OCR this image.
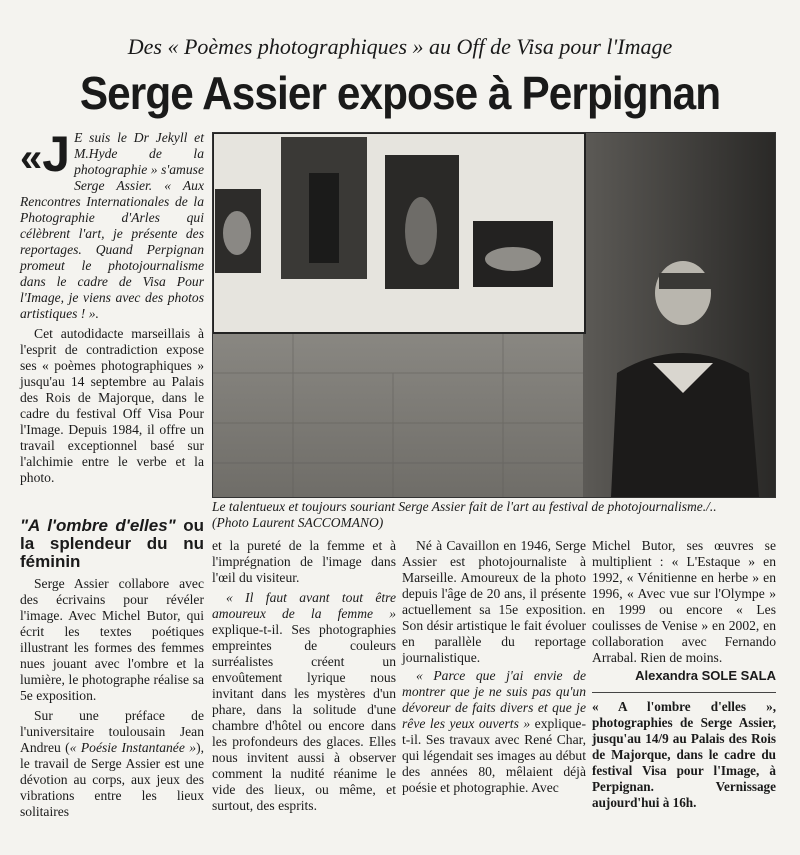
Des « Poèmes photographiques » au Off de Visa pour l'Image
Serge Assier expose à Perpignan

«J E suis le Dr Jekyll et M.Hyde de la photographie » s'amuse Serge Assier. « Aux Rencontres Internationales de la Photographie d'Arles qui célèbrent l'art, je présente des reportages. Quand Perpignan promeut le photojournalisme dans le cadre de Visa Pour l'Image, je viens avec des photos artistiques ! ».

Cet autodidacte marseillais à l'esprit de contradiction expose ses « poèmes photographiques » jusqu'au 14 septembre au Palais des Rois de Majorque, dans le cadre du festival Off Visa Pour l'Image. Depuis 1984, il offre un travail exceptionnel basé sur l'alchimie entre le verbe et la photo.

"A l'ombre d'elles" ou la splendeur du nu féminin

Serge Assier collabore avec des écrivains pour révéler l'image. Avec Michel Butor, qui écrit les textes poétiques illustrant les formes des femmes nues jouant avec l'ombre et la lumière, le photographe réalise sa 5e exposition.

Sur une préface de l'universitaire toulousain Jean Andreu (« Poésie Instantanée »), le travail de Serge Assier est une dévotion au corps, aux jeux des vibrations entre les lieux solitaires

Le talentueux et toujours souriant Serge Assier fait de l'art au festival de photojournalisme./..
(Photo Laurent SACCOMANO)

et la pureté de la femme et à l'imprégnation de l'image dans l'œil du visiteur.

« Il faut avant tout être amoureux de la femme » explique-t-il. Ses photographies empreintes de couleurs surréalistes créent un envoûtement lyrique nous invitant dans les mystères d'un phare, dans la solitude d'une chambre d'hôtel ou encore dans les profondeurs des glaces. Elles nous invitent aussi à observer comment la nudité réanime le vide des lieux, ou même, et surtout, des esprits.

Né à Cavaillon en 1946, Serge Assier est photojournaliste à Marseille. Amoureux de la photo depuis l'âge de 20 ans, il présente actuellement sa 15e exposition. Son désir artistique le fait évoluer en parallèle du reportage journalistique.

« Parce que j'ai envie de montrer que je ne suis pas qu'un dévoreur de faits divers et que je rêve les yeux ouverts » explique-t-il. Ses travaux avec René Char, qui légendait ses images au début des années 80, mêlaient déjà poésie et photographie. Avec

Michel Butor, ses œuvres se multiplient : « L'Estaque » en 1992, « Vénitienne en herbe » en 1996, « Avec vue sur l'Olympe » en 1999 ou encore « Les coulisses de Venise » en 2002, en collaboration avec Fernando Arrabal. Rien de moins.

Alexandra SOLE SALA
« A l'ombre d'elles », photographies de Serge Assier, jusqu'au 14/9 au Palais des Rois de Majorque, dans le cadre du festival Visa pour l'Image, à Perpignan. Vernissage aujourd'hui à 16h.
